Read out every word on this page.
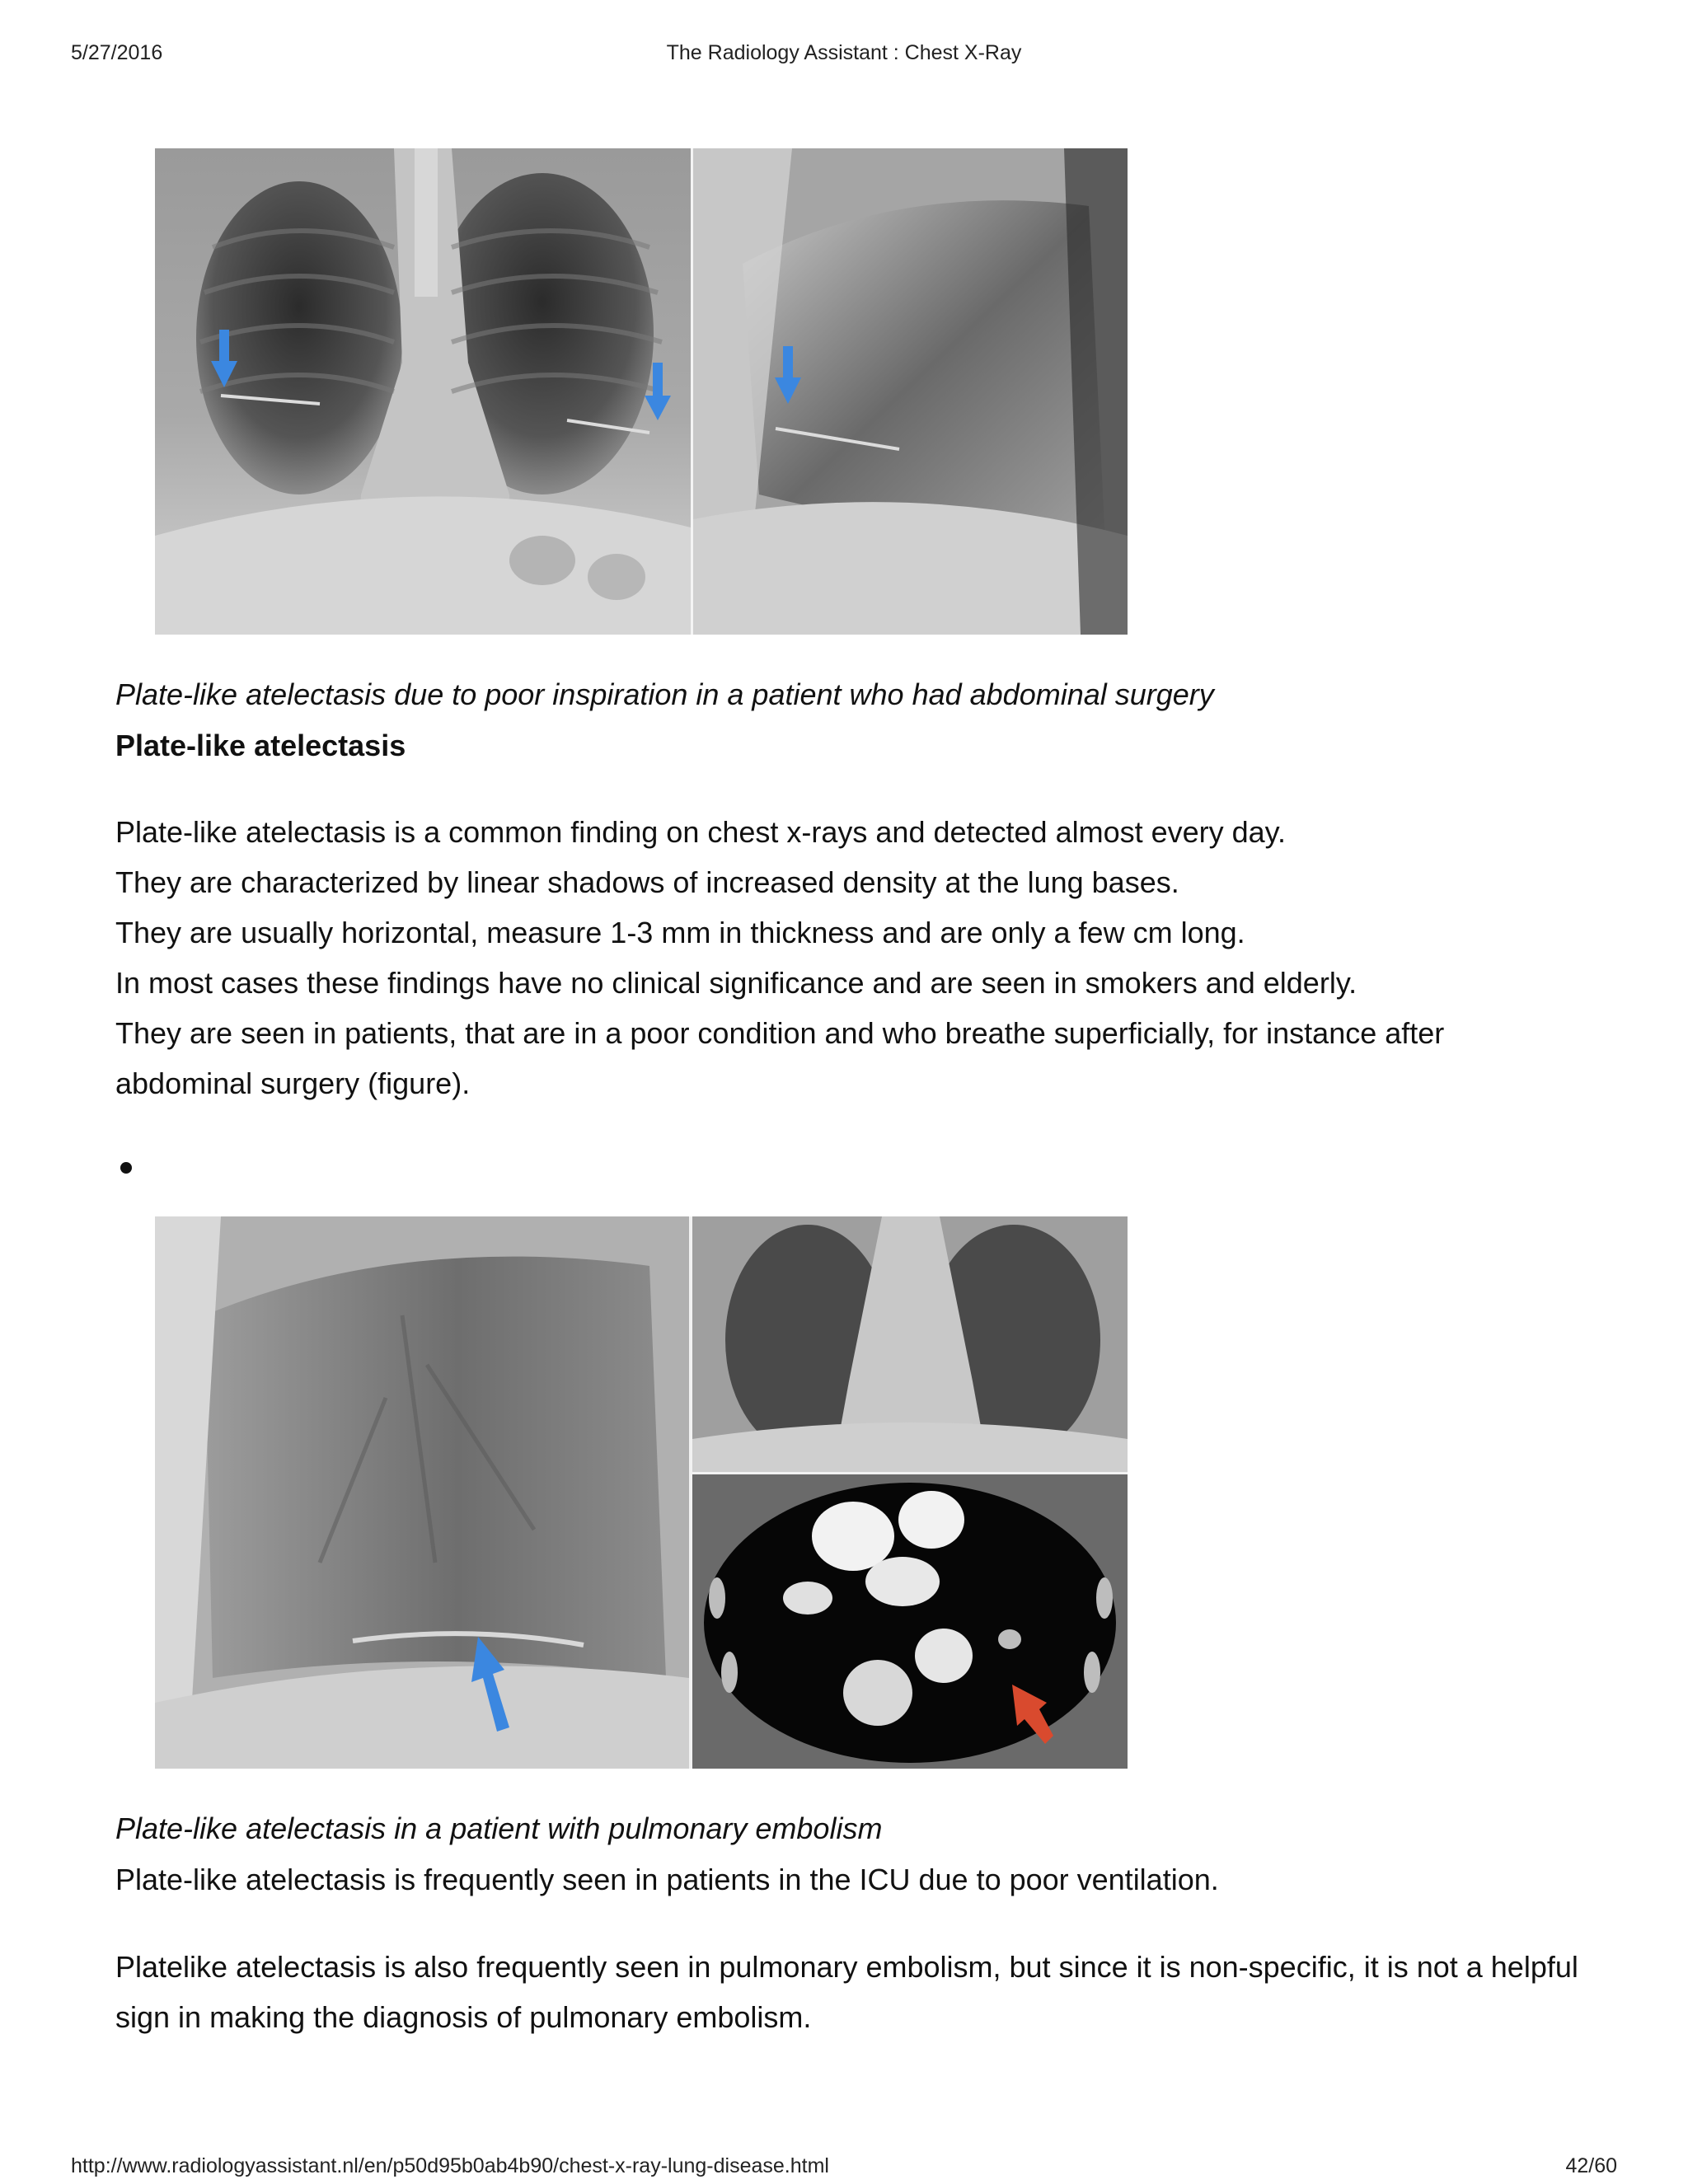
5/27/2016	The Radiology Assistant : Chest X-Ray
Plate-like atelectasis due to poor inspiration in a patient who had abdominal surgery
Plate-like atelectasis

Plate-like atelectasis is a common finding on chest x-rays and detected almost every day.

They are characterized by linear shadows of increased density at the lung bases.

They are usually horizontal, measure 1-3 mm in thickness and are only a few cm long.

In most cases these findings have no clinical significance and are seen in smokers and elderly.

They are seen in patients, that are in a poor condition and who breathe superficially, for instance after abdominal surgery (figure).

Plate-like atelectasis in a patient with pulmonary embolism

Plate-like atelectasis is frequently seen in patients in the ICU due to poor ventilation.

Platelike atelectasis is also frequently seen in pulmonary embolism, but since it is non-specific, it is not a helpful sign in making the diagnosis of pulmonary embolism.

http://www.radiologyassistant.nl/en/p50d95b0ab4b90/chest-x-ray-lung-disease.html	42/60
